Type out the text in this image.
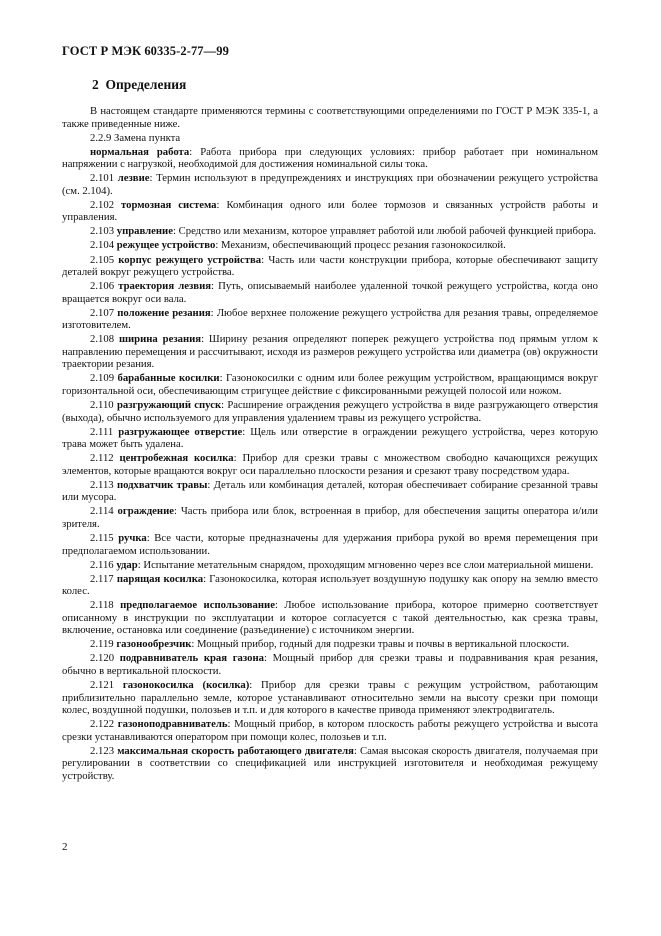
ГОСТ Р МЭК 60335-2-77—99
2 Определения

В настоящем стандарте применяются термины с соответствующими определениями по ГОСТ Р МЭК 335-1, а также приведенные ниже.

2.2.9 Замена пункта

нормальная работа: Работа прибора при следующих условиях: прибор работает при номинальном напряжении с нагрузкой, необходимой для достижения номинальной силы тока.

2.101 лезвие: Термин используют в предупреждениях и инструкциях при обозначении режущего устройства (см. 2.104).

2.102 тормозная система: Комбинация одного или более тормозов и связанных устройств работы и управления.

2.103 управление: Средство или механизм, которое управляет работой или любой рабочей функцией прибора.

2.104 режущее устройство: Механизм, обеспечивающий процесс резания газонокосилкой.

2.105 корпус режущего устройства: Часть или части конструкции прибора, которые обеспечивают защиту деталей вокруг режущего устройства.

2.106 траектория лезвия: Путь, описываемый наиболее удаленной точкой режущего устройства, когда оно вращается вокруг оси вала.

2.107 положение резания: Любое верхнее положение режущего устройства для резания травы, определяемое изготовителем.

2.108 ширина резания: Ширину резания определяют поперек режущего устройства под прямым углом к направлению перемещения и рассчитывают, исходя из размеров режущего устройства или диаметра (ов) окружности траектории резания.

2.109 барабанные косилки: Газонокосилки с одним или более режущим устройством, вращающимся вокруг горизонтальной оси, обеспечивающим стригущее действие с фиксированными режущей полосой или ножом.

2.110 разгружающий спуск: Расширение ограждения режущего устройства в виде разгружающего отверстия (выхода), обычно используемого для управления удалением травы из режущего устройства.

2.111 разгружающее отверстие: Щель или отверстие в ограждении режущего устройства, через которую трава может быть удалена.

2.112 центробежная косилка: Прибор для срезки травы с множеством свободно качающихся режущих элементов, которые вращаются вокруг оси параллельно плоскости резания и срезают траву посредством удара.

2.113 подхватчик травы: Деталь или комбинация деталей, которая обеспечивает собирание срезанной травы или мусора.

2.114 ограждение: Часть прибора или блок, встроенная в прибор, для обеспечения защиты оператора и/или зрителя.

2.115 ручка: Все части, которые предназначены для удержания прибора рукой во время перемещения при предполагаемом использовании.

2.116 удар: Испытание метательным снарядом, проходящим мгновенно через все слои материальной мишени.

2.117 парящая косилка: Газонокосилка, которая использует воздушную подушку как опору на землю вместо колес.

2.118 предполагаемое использование: Любое использование прибора, которое примерно соответствует описанному в инструкции по эксплуатации и которое согласуется с такой деятельностью, как срезка травы, включение, остановка или соединение (разъединение) с источником энергии.

2.119 газонообрезчик: Мощный прибор, годный для подрезки травы и почвы в вертикальной плоскости.

2.120 подравниватель края газона: Мощный прибор для срезки травы и подравнивания края резания, обычно в вертикальной плоскости.

2.121 газонокосилка (косилка): Прибор для срезки травы с режущим устройством, работающим приблизительно параллельно земле, которое устанавливают относительно земли на высоту срезки при помощи колес, воздушной подушки, полозьев и т.п. и для которого в качестве привода применяют электродвигатель.

2.122 газоноподравниватель: Мощный прибор, в котором плоскость работы режущего устройства и высота срезки устанавливаются оператором при помощи колес, полозьев и т.п.

2.123 максимальная скорость работающего двигателя: Самая высокая скорость двигателя, получаемая при регулировании в соответствии со спецификацией или инструкцией изготовителя и необходимая режущему устройству.

2
